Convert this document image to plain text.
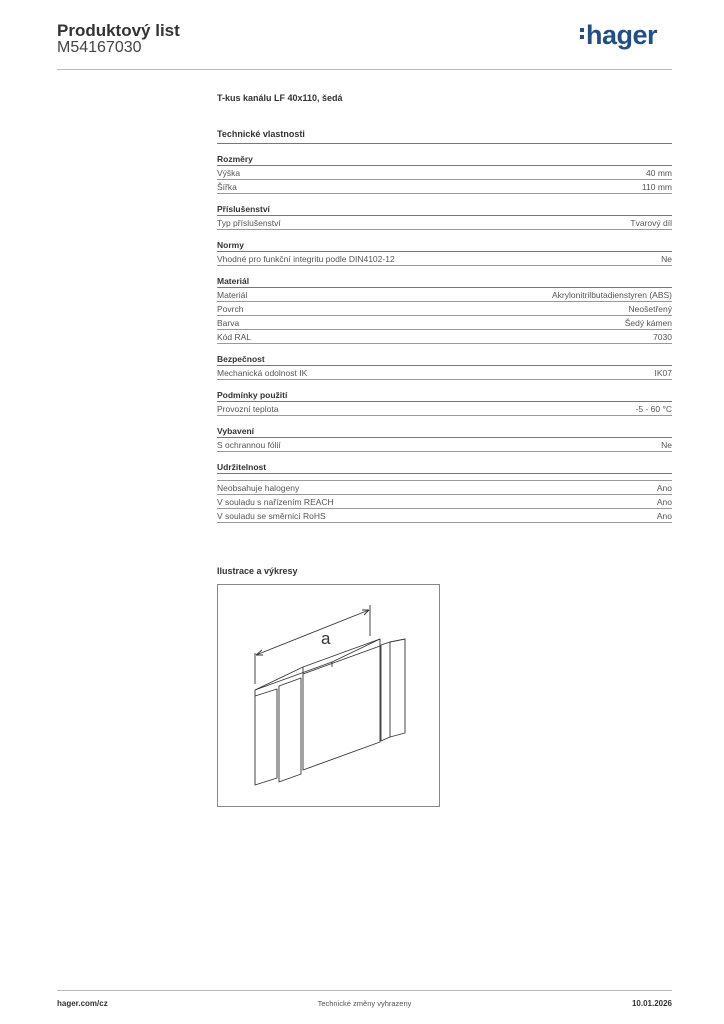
Produktový list
M54167030	hager
T-kus kanálu LF 40x110, šedá
Technické vlastnosti
Rozměry
Výška	40 mm
Šířka	110 mm
Příslušenství
Typ příslušenství	Tvarový díl
Normy
Vhodné pro funkční integritu podle DIN4102-12	Ne
Materiál
Materiál	Akrylonitrilbutadienstyren (ABS)
Povrch	Neošetřený
Barva	Šedý kámen
Kód RAL	7030
Bezpečnost
Mechanická odolnost IK	IK07
Podmínky použití
Provozní teplota	-5 - 60 °C
Vybavení
S ochrannou fólií	Ne
Udržitelnost
Neobsahuje halogeny	Ano
V souladu s nařízením REACH	Ano
V souladu se směrnicí RoHS	Ano
Ilustrace a výkresy
a
hager.com/cz	Technické změny vyhrazeny	10.01.2026
